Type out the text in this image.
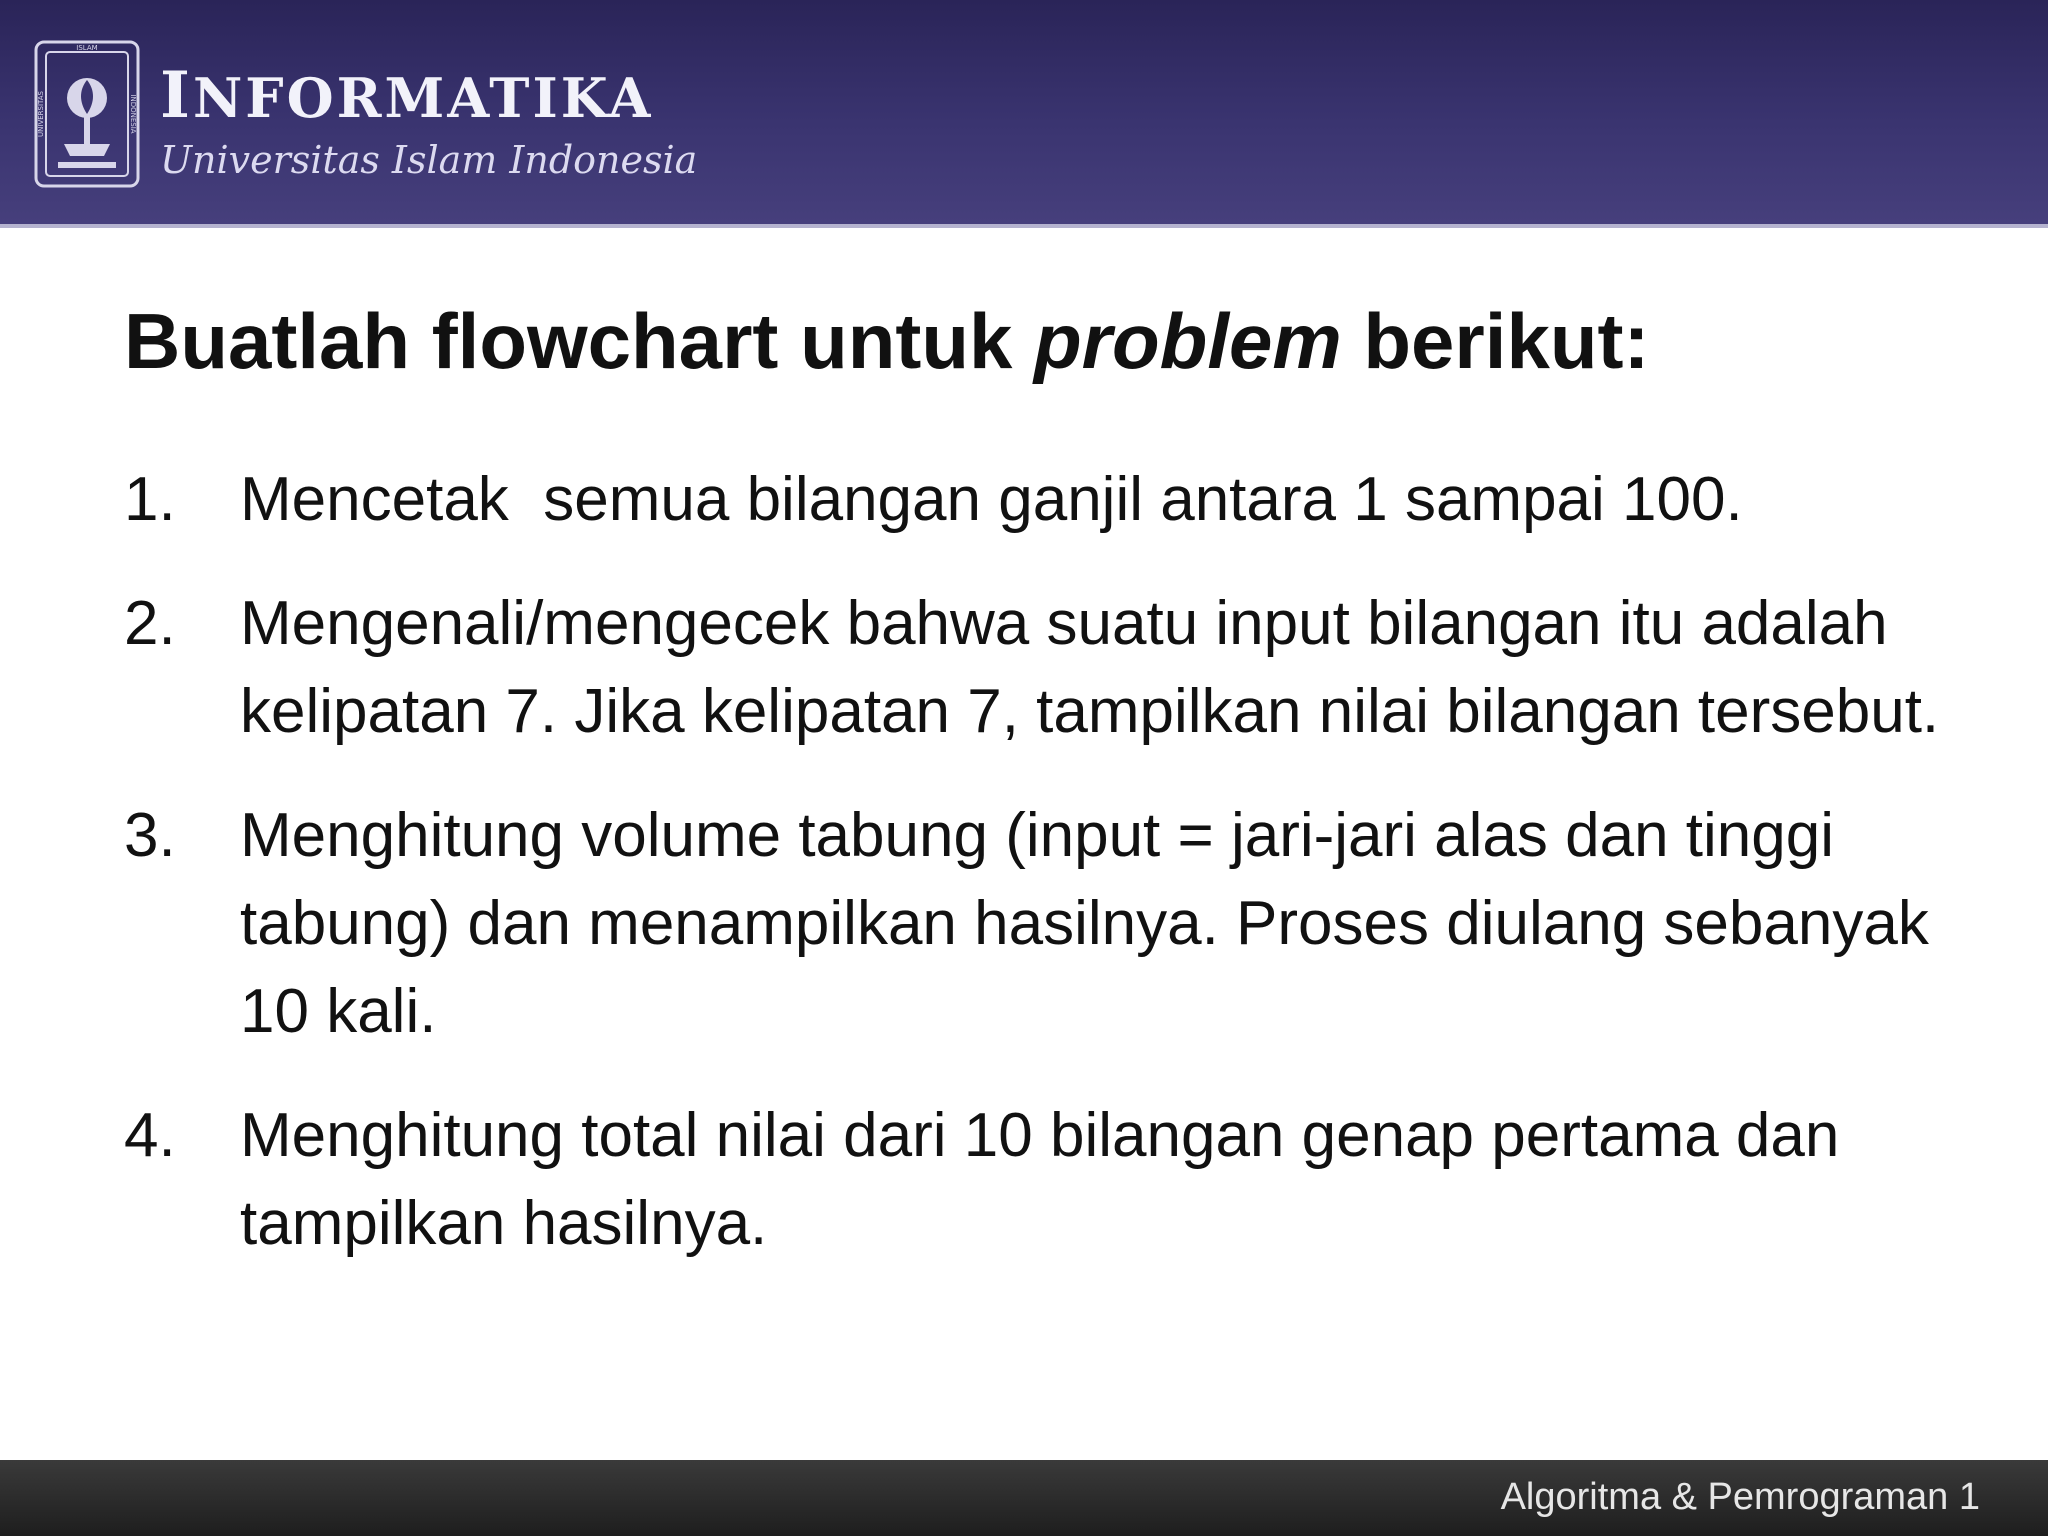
ISLAM
UNIVERSITAS	INDONESIA INFORMATIKA
Universitas Islam Indonesia
Buatlah flowchart untuk problem berikut:
1. Mencetak  semua bilangan ganjil antara 1 sampai 100.
2. Mengenali/mengecek bahwa suatu input bilangan itu adalah kelipatan 7. Jika kelipatan 7, tampilkan nilai bilangan tersebut.
3. Menghitung volume tabung (input = jari-jari alas dan tinggi tabung) dan menampilkan hasilnya. Proses diulang sebanyak 10 kali.
4. Menghitung total nilai dari 10 bilangan genap pertama dan tampilkan hasilnya.
Algoritma & Pemrograman 1
